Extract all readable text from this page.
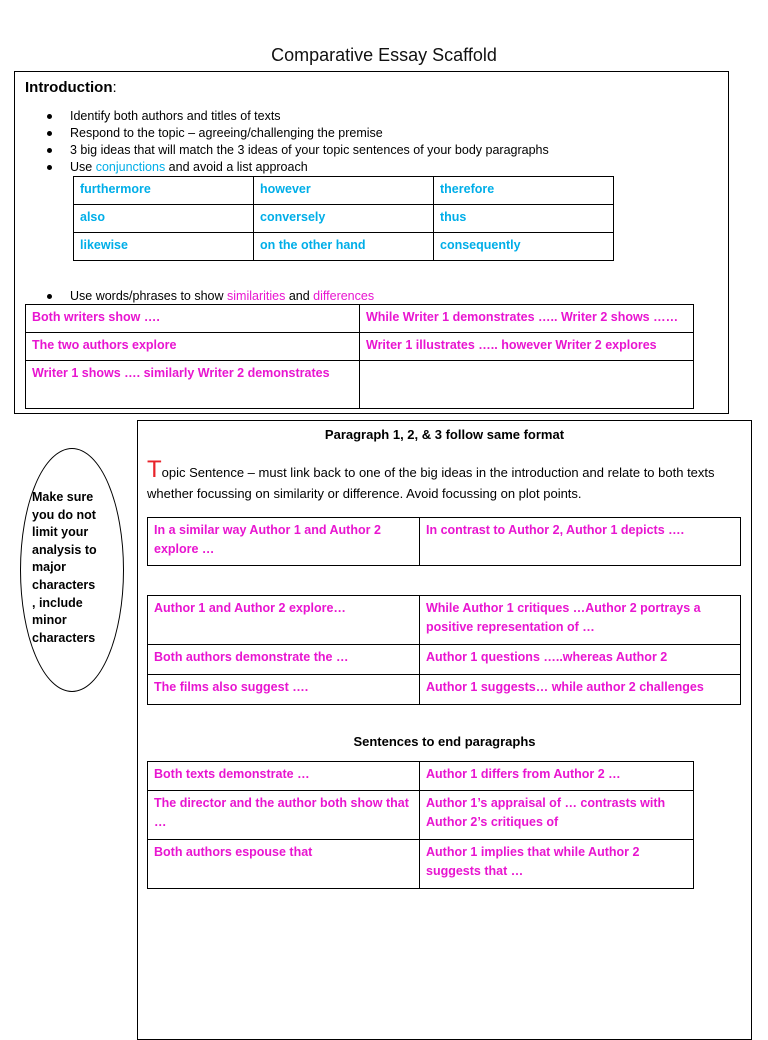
Comparative Essay Scaffold
Introduction:
Identify both authors and titles of texts
Respond to the topic – agreeing/challenging the premise
3 big ideas that will match the 3 ideas of your topic sentences of your body paragraphs
Use conjunctions and avoid a list approach
furthermore	however	therefore
also	conversely	thus
likewise	on the other hand	consequently
Use words/phrases to show similarities and differences
Both writers show ….	While Writer 1 demonstrates ….. Writer 2 shows ……
The two authors explore	Writer 1 illustrates ….. however Writer 2 explores
Writer 1 shows …. similarly Writer 2 demonstrates	
Make sure you do not limit your analysis to major characters , include minor characters
Paragraph 1, 2, & 3 follow same format
Topic Sentence – must link back to one of the big ideas in the introduction and relate to both texts whether focussing on similarity or difference. Avoid focussing on plot points.
In a similar way Author 1 and Author 2 explore …	In contrast to Author 2, Author 1 depicts ….
Author 1 and Author 2 explore…	While Author 1 critiques …Author 2 portrays a positive representation of …
Both authors demonstrate the …	Author 1 questions …..whereas Author 2
The films also suggest ….	Author 1 suggests… while author 2 challenges
Sentences to end paragraphs
Both texts demonstrate …	Author 1 differs from Author 2 …
The director and the author both show that …	Author 1’s appraisal of … contrasts with Author 2’s critiques of
Both authors espouse that	Author 1 implies that while Author 2 suggests that …
